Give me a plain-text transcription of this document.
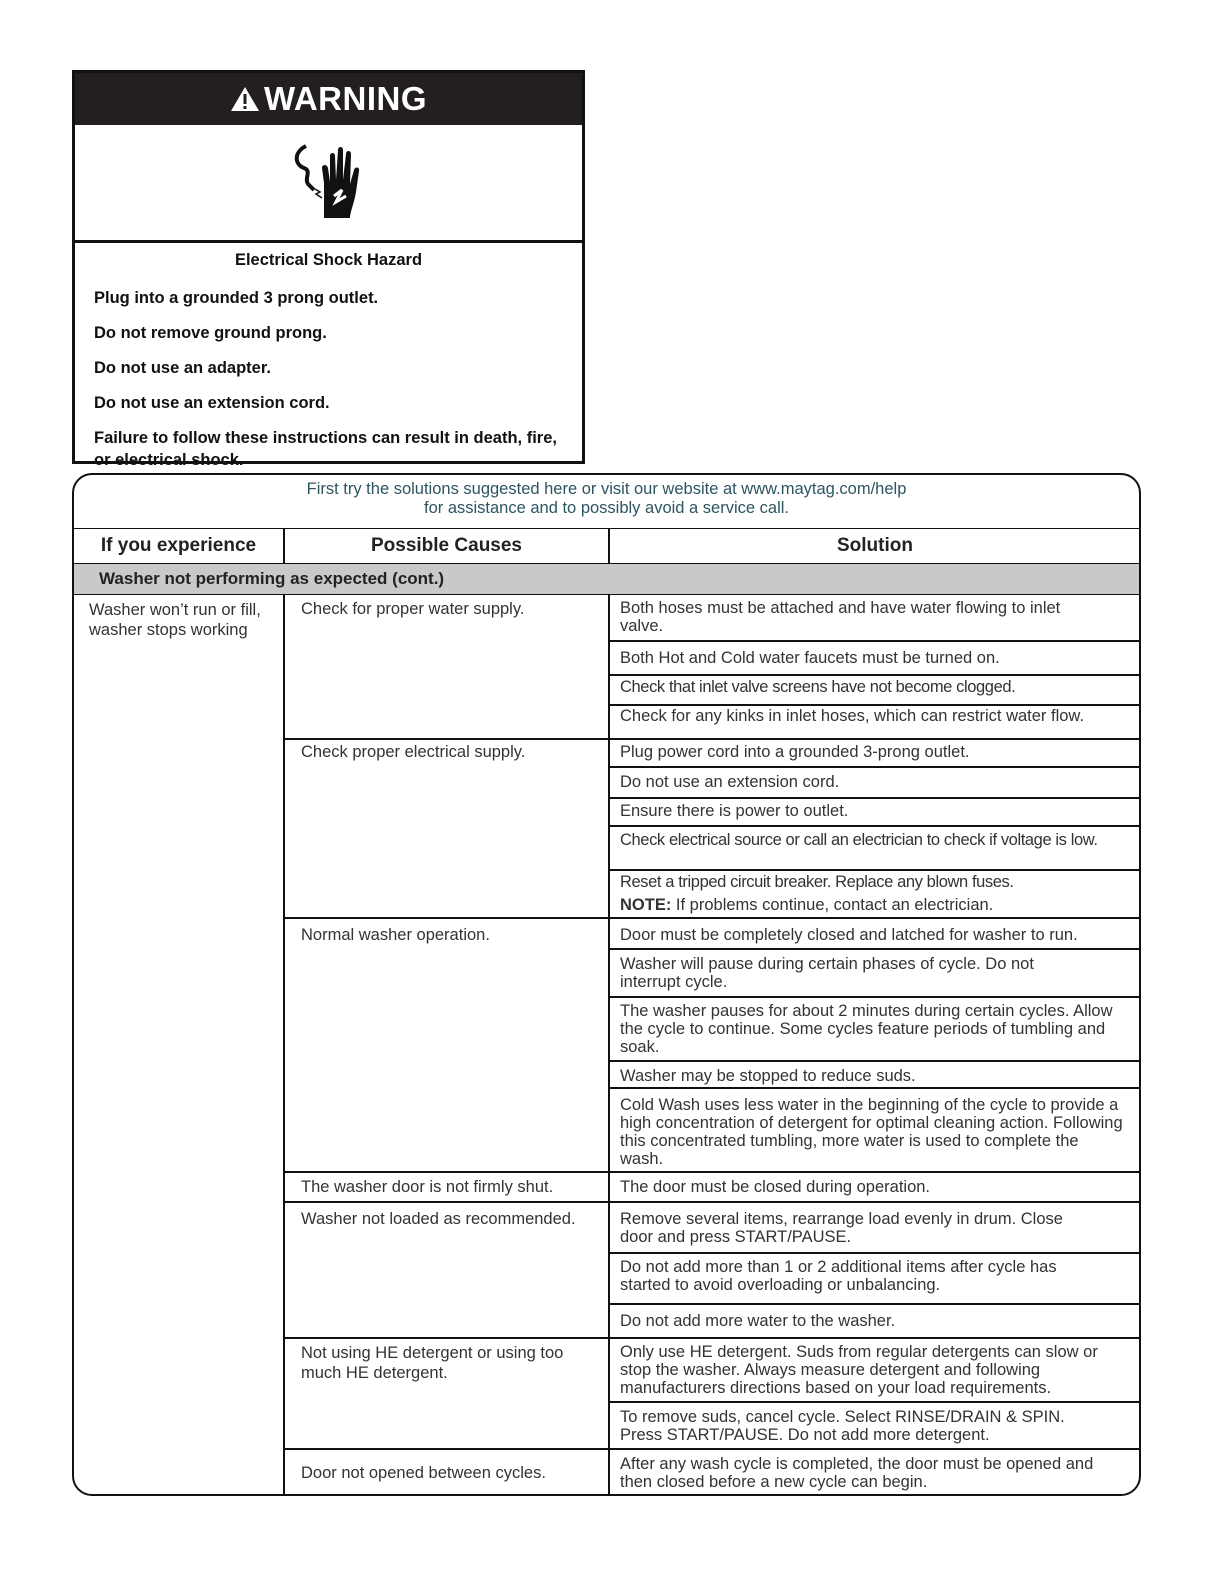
WARNING
Electrical Shock Hazard
Plug into a grounded 3 prong outlet.
Do not remove ground prong.
Do not use an adapter.
Do not use an extension cord.
Failure to follow these instructions can result in death, fire, or electrical shock.
First try the solutions suggested here or visit our website at www.maytag.com/help
for assistance and to possibly avoid a service call.
If you experience	Possible Causes	Solution
Washer not performing as expected (cont.)
Washer won’t run or fill, washer stops working
Check for proper water supply.
Check proper electrical supply.
Normal washer operation.
The washer door is not firmly shut.
Washer not loaded as recommended.
Not using HE detergent or using too much HE detergent.
Door not opened between cycles.
Both hoses must be attached and have water flowing to inlet valve.
Both Hot and Cold water faucets must be turned on.
Check that inlet valve screens have not become clogged.
Check for any kinks in inlet hoses, which can restrict water flow.
Plug power cord into a grounded 3-prong outlet.
Do not use an extension cord.
Ensure there is power to outlet.
Check electrical source or call an electrician to check if voltage is low.
Reset a tripped circuit breaker. Replace any blown fuses.
NOTE: If problems continue, contact an electrician.
Door must be completely closed and latched for washer to run.
Washer will pause during certain phases of cycle. Do not interrupt cycle.
The washer pauses for about 2 minutes during certain cycles. Allow the cycle to continue. Some cycles feature periods of tumbling and soak.
Washer may be stopped to reduce suds.
Cold Wash uses less water in the beginning of the cycle to provide a high concentration of detergent for optimal cleaning action. Following this concentrated tumbling, more water is used to complete the wash.
The door must be closed during operation.
Remove several items, rearrange load evenly in drum. Close door and press START/PAUSE.
Do not add more than 1 or 2 additional items after cycle has started to avoid overloading or unbalancing.
Do not add more water to the washer.
Only use HE detergent. Suds from regular detergents can slow or stop the washer. Always measure detergent and following manufacturers directions based on your load requirements.
To remove suds, cancel cycle. Select RINSE/DRAIN & SPIN. Press START/PAUSE. Do not add more detergent.
After any wash cycle is completed, the door must be opened and then closed before a new cycle can begin.
